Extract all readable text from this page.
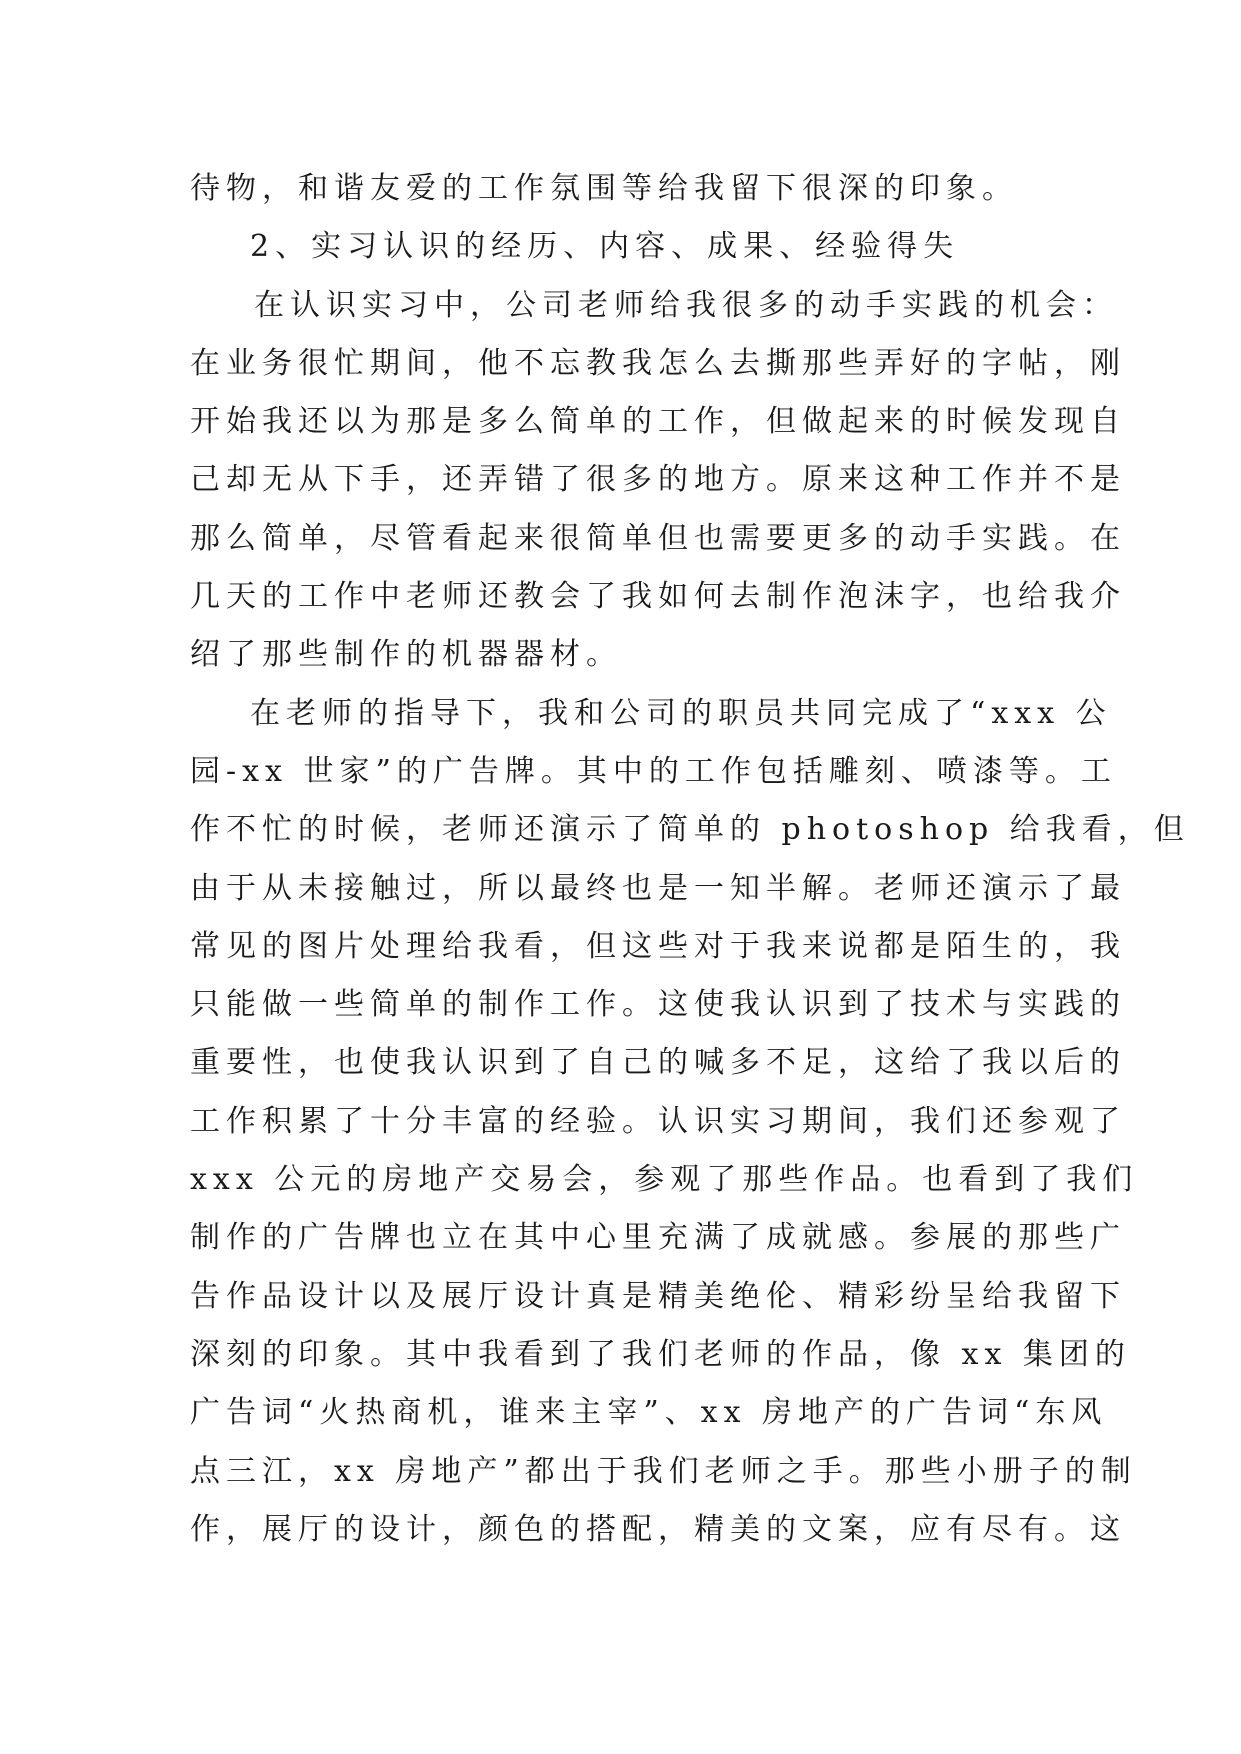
待物，和谐友爱的工作氛围等给我留下很深的印象。
2、实习认识的经历、内容、成果、经验得失
在认识实习中，公司老师给我很多的动手实践的机会：
在业务很忙期间，他不忘教我怎么去撕那些弄好的字帖，刚
开始我还以为那是多么简单的工作，但做起来的时候发现自
己却无从下手，还弄错了很多的地方。原来这种工作并不是
那么简单，尽管看起来很简单但也需要更多的动手实践。在
几天的工作中老师还教会了我如何去制作泡沫字，也给我介
绍了那些制作的机器器材。
在老师的指导下，我和公司的职员共同完成了“xxx 公
园-xx 世家”的广告牌。其中的工作包括雕刻、喷漆等。工
作不忙的时候，老师还演示了简单的 photoshop 给我看，但
由于从未接触过，所以最终也是一知半解。老师还演示了最
常见的图片处理给我看，但这些对于我来说都是陌生的，我
只能做一些简单的制作工作。这使我认识到了技术与实践的
重要性，也使我认识到了自己的喊多不足，这给了我以后的
工作积累了十分丰富的经验。认识实习期间，我们还参观了
xxx 公元的房地产交易会，参观了那些作品。也看到了我们
制作的广告牌也立在其中心里充满了成就感。参展的那些广
告作品设计以及展厅设计真是精美绝伦、精彩纷呈给我留下
深刻的印象。其中我看到了我们老师的作品，像 xx 集团的
广告词“火热商机，谁来主宰”、xx 房地产的广告词“东风
点三江，xx 房地产”都出于我们老师之手。那些小册子的制
作，展厅的设计，颜色的搭配，精美的文案，应有尽有。这
